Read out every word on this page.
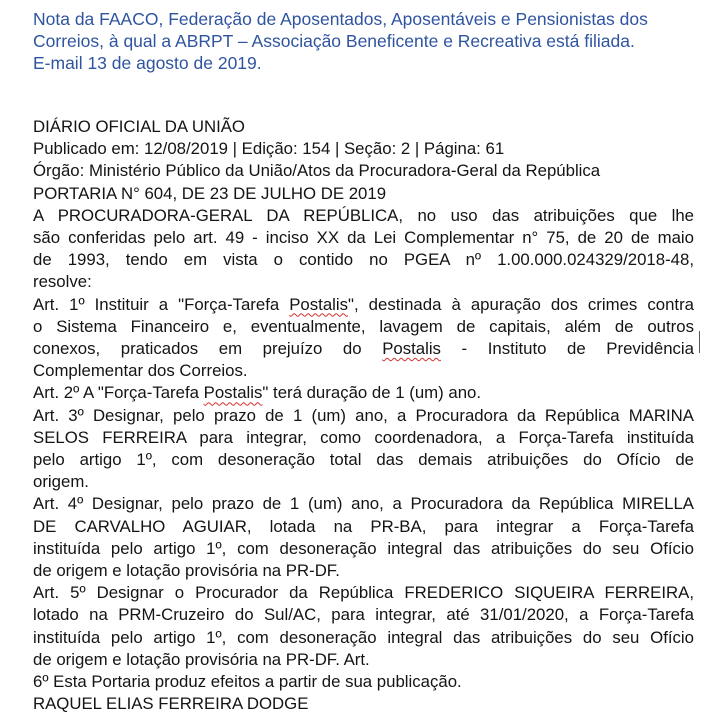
Nota da FAACO, Federação de Aposentados, Aposentáveis e Pensionistas dos
Correios, à qual a ABRPT – Associação Beneficente e Recreativa está filiada.
E-mail 13 de agosto de 2019.
DIÁRIO OFICIAL DA UNIÃO
Publicado em: 12/08/2019 | Edição: 154 | Seção: 2 | Página: 61
Órgão: Ministério Público da União/Atos da Procuradora-Geral da República
PORTARIA N° 604, DE 23 DE JULHO DE 2019
A PROCURADORA-GERAL DA REPÚBLICA, no uso das atribuições que lhe
são conferidas pelo art. 49 - inciso XX da Lei Complementar n° 75, de 20 de maio
de 1993, tendo em vista o contido no PGEA nº 1.00.000.024329/2018-48,
resolve:
Art. 1º Instituir a "Força-Tarefa Postalis", destinada à apuração dos crimes contra
o Sistema Financeiro e, eventualmente, lavagem de capitais, além de outros
conexos, praticados em prejuízo do Postalis - Instituto de Previdência
Complementar dos Correios.
Art. 2º A "Força-Tarefa Postalis" terá duração de 1 (um) ano.
Art. 3º Designar, pelo prazo de 1 (um) ano, a Procuradora da República MARINA
SELOS FERREIRA para integrar, como coordenadora, a Força-Tarefa instituída
pelo artigo 1º, com desoneração total das demais atribuições do Ofício de
origem.
Art. 4º Designar, pelo prazo de 1 (um) ano, a Procuradora da República MIRELLA
DE CARVALHO AGUIAR, lotada na PR-BA, para integrar a Força-Tarefa
instituída pelo artigo 1º, com desoneração integral das atribuições do seu Ofício
de origem e lotação provisória na PR-DF.
Art. 5º Designar o Procurador da República FREDERICO SIQUEIRA FERREIRA,
lotado na PRM-Cruzeiro do Sul/AC, para integrar, até 31/01/2020, a Força-Tarefa
instituída pelo artigo 1º, com desoneração integral das atribuições do seu Ofício
de origem e lotação provisória na PR-DF. Art.
6º Esta Portaria produz efeitos a partir de sua publicação.
RAQUEL ELIAS FERREIRA DODGE
